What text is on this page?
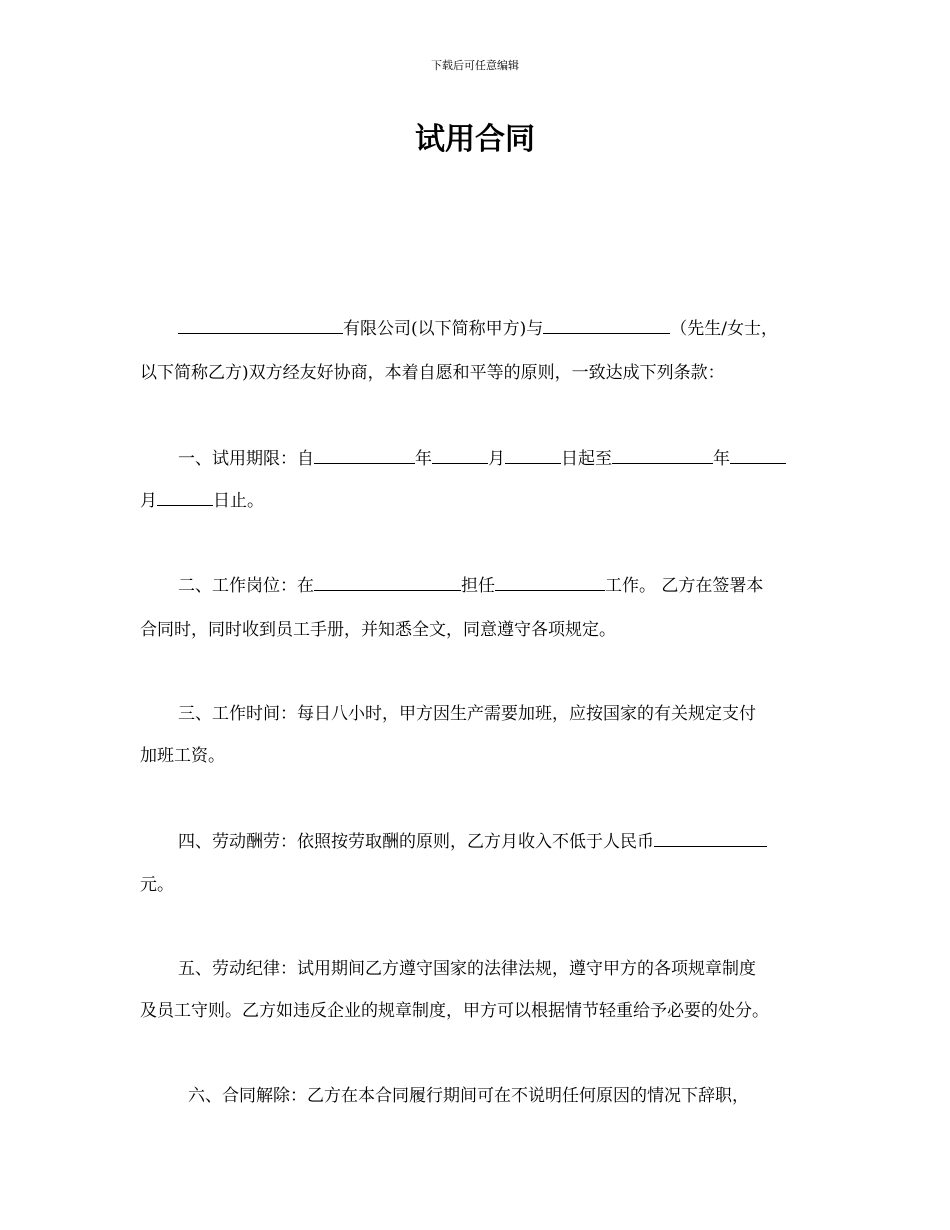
下载后可任意编辑
试用合同
有限公司(以下简称甲方)与	（先生/女士，
以下简称乙方)双方经友好协商，本着自愿和平等的原则，一致达成下列条款：
一、试用期限：自	年	月	日起至	年
月	日止。
二、工作岗位：在	担任	工作。 乙方在签署本
合同时，同时收到员工手册，并知悉全文，同意遵守各项规定。
三、工作时间：每日八小时，甲方因生产需要加班，应按国家的有关规定支付
加班工资。
四、劳动酬劳：依照按劳取酬的原则，乙方月收入不低于人民币
元。
五、劳动纪律：试用期间乙方遵守国家的法律法规，遵守甲方的各项规章制度
及员工守则。乙方如违反企业的规章制度，甲方可以根据情节轻重给予必要的处分。
六、合同解除：乙方在本合同履行期间可在不说明任何原因的情况下辞职，
